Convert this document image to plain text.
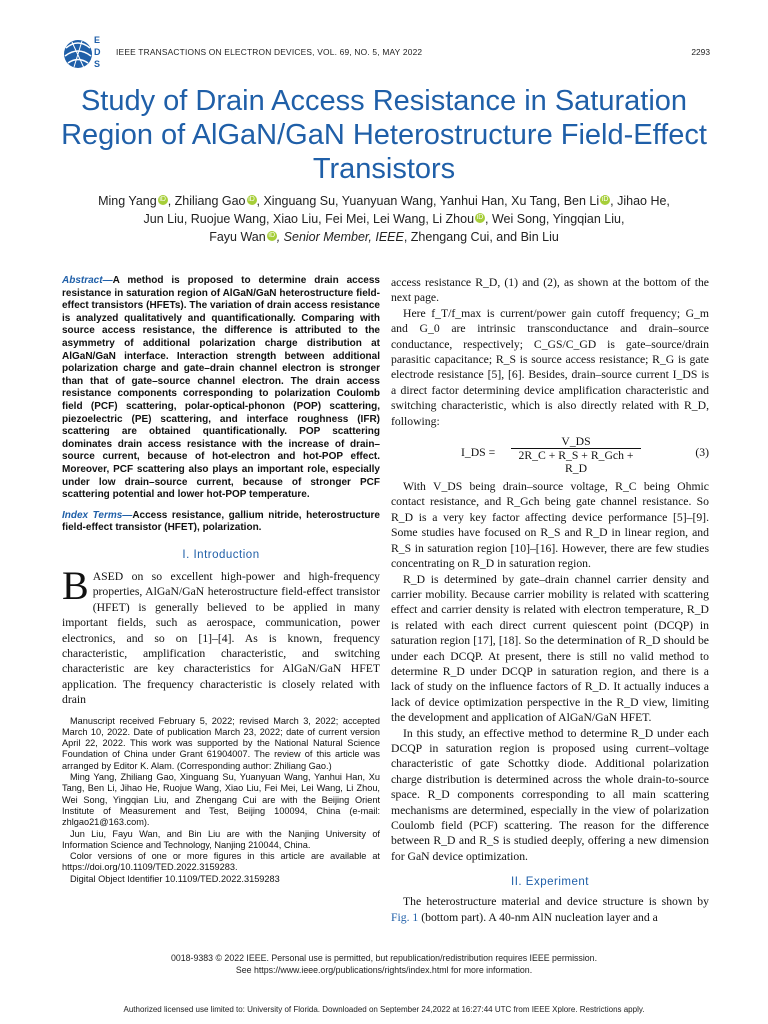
EDS
IEEE TRANSACTIONS ON ELECTRON DEVICES, VOL. 69, NO. 5, MAY 2022	2293
Study of Drain Access Resistance in Saturation Region of AlGaN/GaN Heterostructure Field-Effect Transistors
Ming Yang iD , Zhiliang Gao iD , Xinguang Su, Yuanyuan Wang, Yanhui Han, Xu Tang, Ben Li iD , Jihao He,
Jun Liu, Ruojue Wang, Xiao Liu, Fei Mei, Lei Wang, Li Zhou iD , Wei Song, Yingqian Liu,
Fayu Wan iD , Senior Member, IEEE, Zhengang Cui, and Bin Liu
Abstract—A method is proposed to determine drain access resistance in saturation region of AlGaN/GaN heterostructure field-effect transistors (HFETs). The variation of drain access resistance is analyzed qualitatively and quantificationally. Comparing with source access resistance, the difference is attributed to the asymmetry of additional polarization charge distribution at AlGaN/GaN interface. Interaction strength between additional polarization charge and gate–drain channel electron is stronger than that of gate–source channel electron. The drain access resistance components corresponding to polarization Coulomb field (PCF) scattering, polar-optical-phonon (POP) scattering, piezoelectric (PE) scattering, and interface roughness (IFR) scattering are obtained quantificationally. POP scattering dominates drain access resistance with the increase of drain–source current, because of hot-electron and hot-POP effect. Moreover, PCF scattering also plays an important role, especially under low drain–source current, because of stronger PCF scattering potential and lower hot-POP temperature.
Index Terms—Access resistance, gallium nitride, heterostructure field-effect transistor (HFET), polarization.
I. Introduction
BASED on so excellent high-power and high-frequency properties, AlGaN/GaN heterostructure field-effect transistor (HFET) is generally believed to be applied in many important fields, such as aerospace, communication, power electronics, and so on [1]–[4]. As is known, frequency characteristic, amplification characteristic, and switching characteristic are key characteristics for AlGaN/GaN HFET application. The frequency characteristic is closely related with drain

Manuscript received February 5, 2022; revised March 3, 2022; accepted March 10, 2022. Date of publication March 23, 2022; date of current version April 22, 2022. This work was supported by the National Natural Science Foundation of China under Grant 61904007. The review of this article was arranged by Editor K. Alam. (Corresponding author: Zhiliang Gao.)

Ming Yang, Zhiliang Gao, Xinguang Su, Yuanyuan Wang, Yanhui Han, Xu Tang, Ben Li, Jihao He, Ruojue Wang, Xiao Liu, Fei Mei, Lei Wang, Li Zhou, Wei Song, Yingqian Liu, and Zhengang Cui are with the Beijing Orient Institute of Measurement and Test, Beijing 100094, China (e-mail: zhlgao21@163.com).

Jun Liu, Fayu Wan, and Bin Liu are with the Nanjing University of Information Science and Technology, Nanjing 210044, China.

Color versions of one or more figures in this article are available at https://doi.org/10.1109/TED.2022.3159283.

Digital Object Identifier 10.1109/TED.2022.3159283

access resistance R_D, (1) and (2), as shown at the bottom of the next page.

Here f_T/f_max is current/power gain cutoff frequency; G_m and G_0 are intrinsic transconductance and drain–source conductance, respectively; C_GS/C_GD is gate–source/drain parasitic capacitance; R_S is source access resistance; R_G is gate electrode resistance [5], [6]. Besides, drain–source current I_DS is a direct factor determining device amplification characteristic and switching characteristic, which is also directly related with R_D, following:

I_DS =
V_DS
2R_C + R_S + R_Gch + R_D
(3)

With V_DS being drain–source voltage, R_C being Ohmic contact resistance, and R_Gch being gate channel resistance. So R_D is a very key factor affecting device performance [5]–[9]. Some studies have focused on R_S and R_D in linear region, and R_S in saturation region [10]–[16]. However, there are few studies concentrating on R_D in saturation region.

R_D is determined by gate–drain channel carrier density and carrier mobility. Because carrier mobility is related with scattering effect and carrier density is related with electron temperature, R_D is related with each direct current quiescent point (DCQP) in saturation region [17], [18]. So the determination of R_D should be under each DCQP. At present, there is still no valid method to determine R_D under DCQP in saturation region, and there is a lack of study on the influence factors of R_D. It actually induces a lack of device optimization perspective in the R_D view, limiting the development and application of AlGaN/GaN HFET.

In this study, an effective method to determine R_D under each DCQP in saturation region is proposed using current–voltage characteristic of gate Schottky diode. Additional polarization charge distribution is determined across the whole drain-to-source space. R_D components corresponding to all main scattering mechanisms are determined, especially in the view of polarization Coulomb field (PCF) scattering. The reason for the difference between R_D and R_S is studied deeply, offering a new dimension for GaN device optimization.

II. Experiment

The heterostructure material and device structure is shown by Fig. 1 (bottom part). A 40-nm AlN nucleation layer and a

0018-9383 © 2022 IEEE. Personal use is permitted, but republication/redistribution requires IEEE permission.
See https://www.ieee.org/publications/rights/index.html for more information.
Authorized licensed use limited to: University of Florida. Downloaded on September 24,2022 at 16:27:44 UTC from IEEE Xplore. Restrictions apply.
